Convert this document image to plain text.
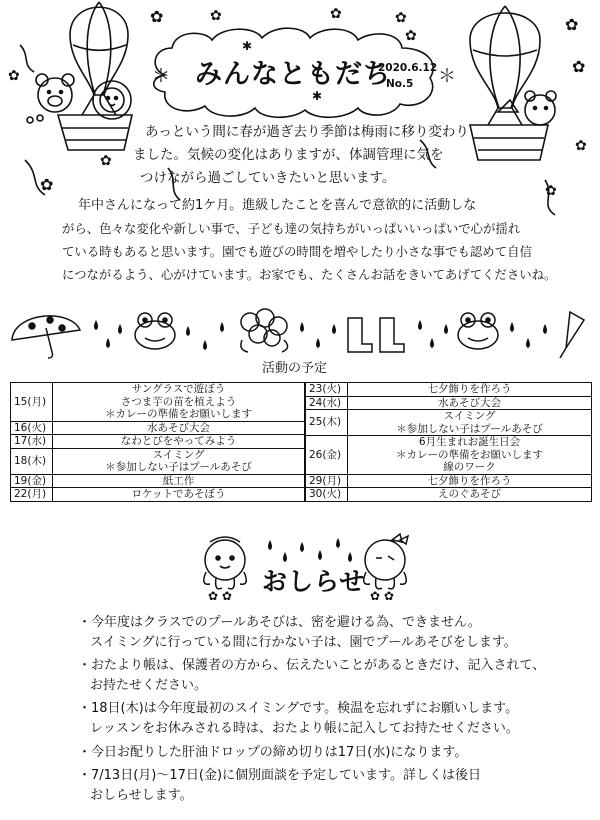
✿	✿	✿	✿
✿
✿
✿
✿
✿
✿
✿
✿	＊	＊
✱
✱
みんなともだち
2020.6.12
No.5
あっという間に春が過ぎ去り季節は梅雨に移り変わり
ました。気候の変化はありますが、体調管理に気を
つけながら過ごしていきたいと思います。
年中さんになって約1ケ月。進級したことを喜んで意欲的に活動しな
がら、色々な変化や新しい事で、子ども達の気持ちがいっぱいいっぱいで心が揺れ
ている時もあると思います。園でも遊びの時間を増やしたり小さな事でも認めて自信
につながるよう、心がけています。お家でも、たくさんお話をきいてあげてくださいね。
活動の予定
15(月)	サングラスで遊ぼう
さつま芋の苗を植えよう
＊カレーの準備をお願いします

16(火)	水あそび大会
17(水)	なわとびをやってみよう
18(木)	スイミング
＊参加しない子はプールあそび

19(金)	紙工作
22(月)	ロケットであそぼう
23(火)	七夕飾りを作ろう
24(水)	水あそび大会
25(木)	スイミング
＊参加しない子はプールあそび

26(金)	6月生まれお誕生日会
＊カレーの準備をお願いします
線のワーク

29(月)	七夕飾りを作ろう
30(火)	えのぐあそび
✿ ✿	✿ ✿
おしらせ
・今年度はクラスでのプールあそびは、密を避ける為、できません。
スイミングに行っている間に行かない子は、園でプールあそびをします。
・おたより帳は、保護者の方から、伝えたいことがあるときだけ、記入されて、
お持たせください。
・18日(木)は今年度最初のスイミングです。検温を忘れずにお願いします。
レッスンをお休みされる時は、おたより帳に記入してお持たせください。
・今日お配りした肝油ドロップの締め切りは17日(水)になります。
・7/13日(月)～17日(金)に個別面談を予定しています。詳しくは後日
おしらせします。
